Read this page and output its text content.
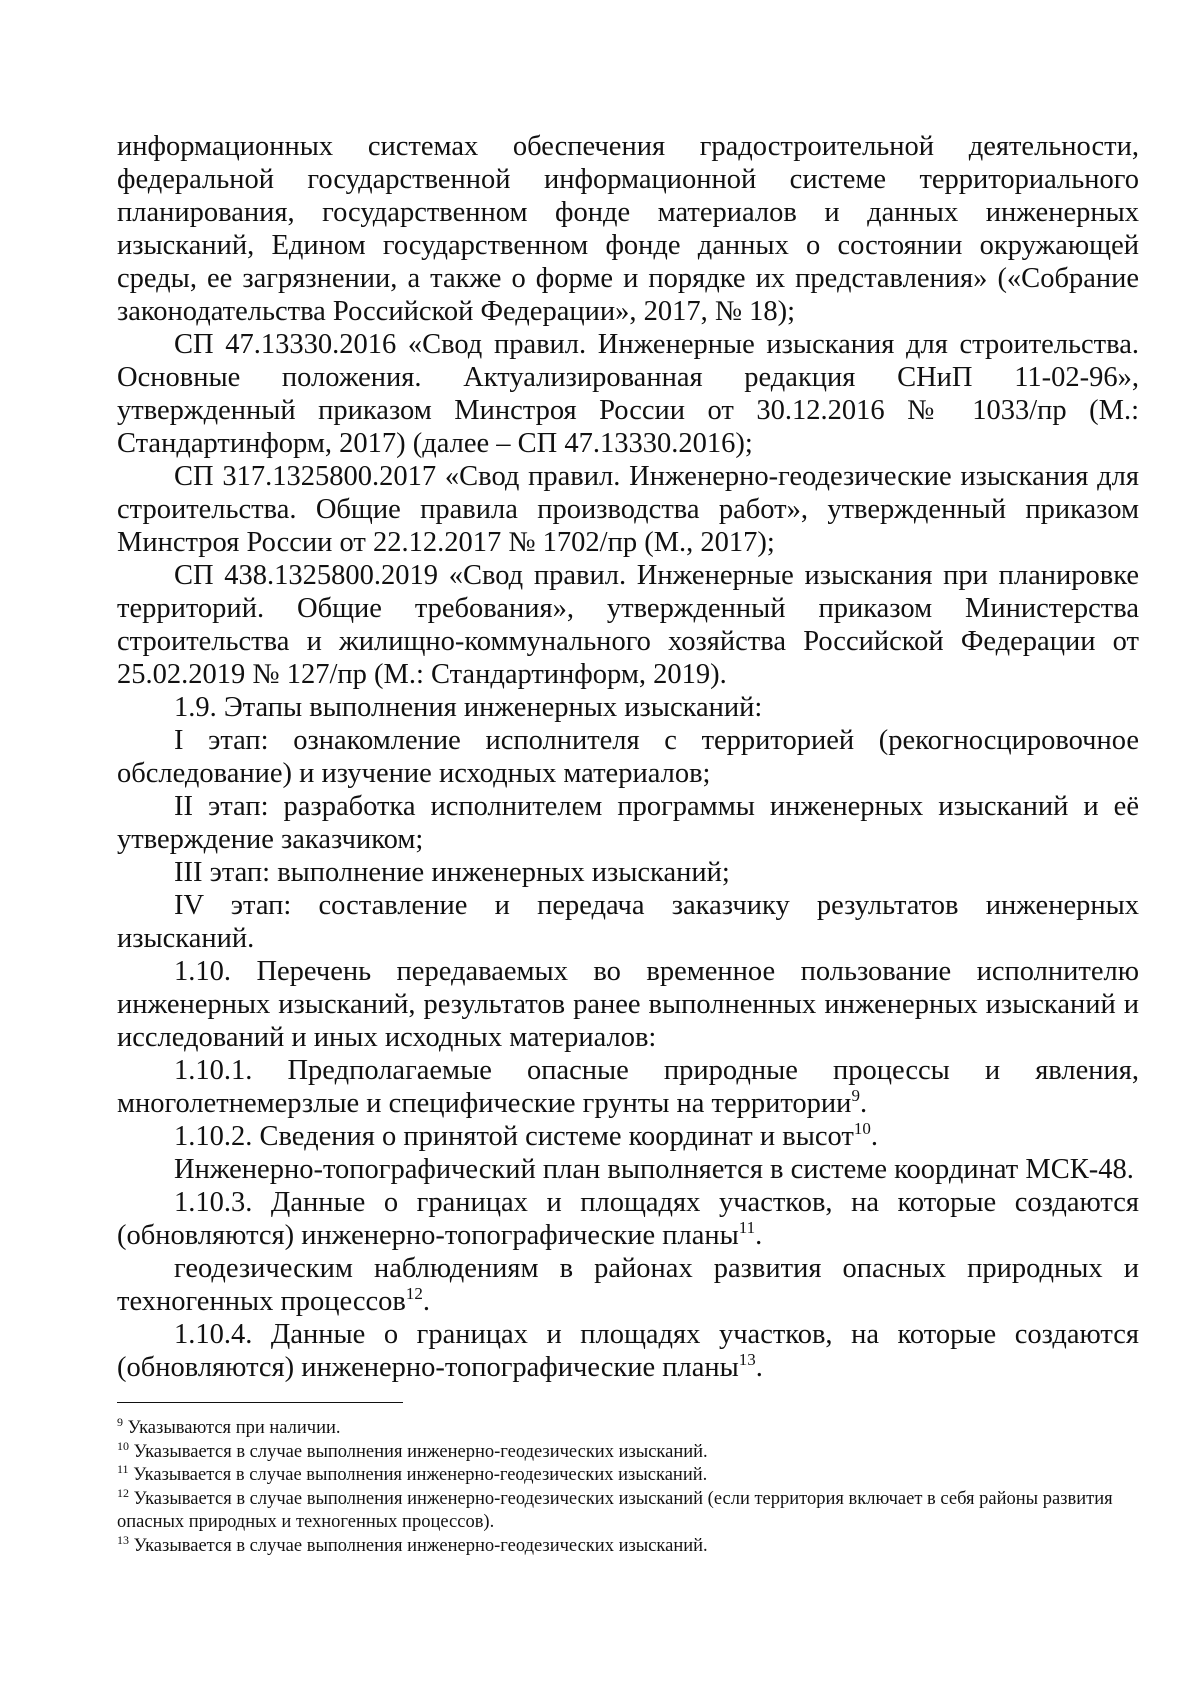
информационных системах обеспечения градостроительной деятельности, федеральной государственной информационной системе территориального планирования, государственном фонде материалов и данных инженерных изысканий, Едином государственном фонде данных о состоянии окружающей среды, ее загрязнении, а также о форме и порядке их представления» («Собрание законодательства Российской Федерации», 2017, № 18);

СП 47.13330.2016 «Свод правил. Инженерные изыскания для строительства. Основные положения. Актуализированная редакция СНиП 11-02-96», утвержденный приказом Минстроя России от 30.12.2016 № 1033/пр (М.: Стандартинформ, 2017) (далее – СП 47.13330.2016);

СП 317.1325800.2017 «Свод правил. Инженерно-геодезические изыскания для строительства. Общие правила производства работ», утвержденный приказом Минстроя России от 22.12.2017 № 1702/пр (М., 2017);

СП 438.1325800.2019 «Свод правил. Инженерные изыскания при планировке территорий. Общие требования», утвержденный приказом Министерства строительства и жилищно-коммунального хозяйства Российской Федерации от 25.02.2019 № 127/пр (М.: Стандартинформ, 2019).

1.9. Этапы выполнения инженерных изысканий:

I этап: ознакомление исполнителя с территорией (рекогносцировочное обследование) и изучение исходных материалов;

II этап: разработка исполнителем программы инженерных изысканий и её утверждение заказчиком;

III этап: выполнение инженерных изысканий;

IV этап: составление и передача заказчику результатов инженерных изысканий.

1.10. Перечень передаваемых во временное пользование исполнителю инженерных изысканий, результатов ранее выполненных инженерных изысканий и исследований и иных исходных материалов:

1.10.1. Предполагаемые опасные природные процессы и явления, многолетнемерзлые и специфические грунты на территории$^9$.

1.10.2. Сведения о принятой системе координат и высот$^{10}$.

Инженерно-топографический план выполняется в системе координат МСК-48.

1.10.3. Данные о границах и площадях участков, на которые создаются (обновляются) инженерно-топографические планы$^{11}$.

геодезическим наблюдениям в районах развития опасных природных и техногенных процессов$^{12}$.

1.10.4. Данные о границах и площадях участков, на которые создаются (обновляются) инженерно-топографические планы$^{13}$.

$^9$ Указываются при наличии.

$^{10}$ Указывается в случае выполнения инженерно-геодезических изысканий.

$^{11}$ Указывается в случае выполнения инженерно-геодезических изысканий.

$^{12}$ Указывается в случае выполнения инженерно-геодезических изысканий (если территория включает в себя районы развития опасных природных и техногенных процессов).

$^{13}$ Указывается в случае выполнения инженерно-геодезических изысканий.
